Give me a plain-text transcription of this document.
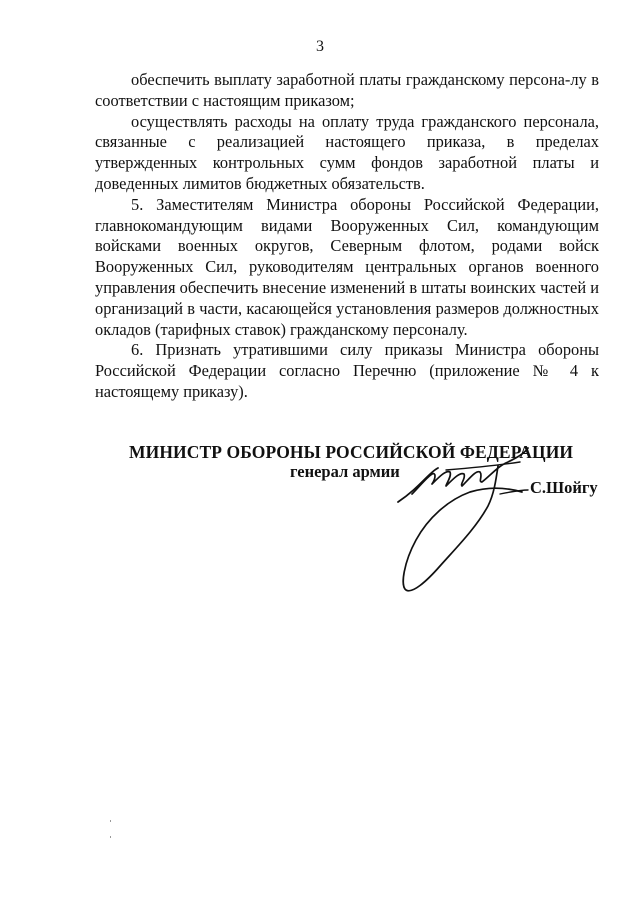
3

обеспечить выплату заработной платы гражданскому персона-лу в соответствии с настоящим приказом;

осуществлять расходы на оплату труда гражданского персонала, связанные с реализацией настоящего приказа, в пределах утвержденных контрольных сумм фондов заработной платы и доведенных лимитов бюджетных обязательств.

5. Заместителям Министра обороны Российской Федерации, главнокомандующим видами Вооруженных Сил, командующим войсками военных округов, Северным флотом, родами войск Вооруженных Сил, руководителям центральных органов военного управления обеспечить внесение изменений в штаты воинских частей и организаций в части, касающейся установления размеров должностных окладов (тарифных ставок) гражданскому персоналу.

6. Признать утратившими силу приказы Министра обороны Российской Федерации согласно Перечню (приложение № 4 к настоящему приказу).

МИНИСТР ОБОРОНЫ РОССИЙСКОЙ ФЕДЕРАЦИИ
генерал армии
С.Шойгу
